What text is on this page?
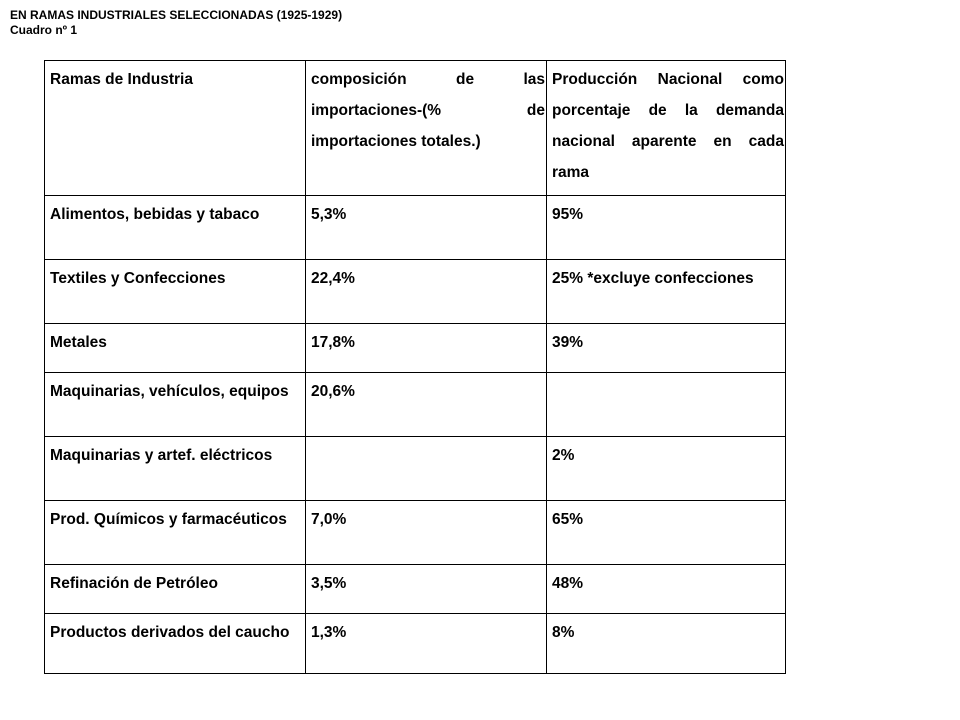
EN RAMAS INDUSTRIALES SELECCIONADAS (1925-1929)
Cuadro nº 1
Ramas de Industria	composición de las importaciones-(% de importaciones totales.)	Producción Nacional como porcentaje de la demanda nacional aparente en cada rama
Alimentos, bebidas y tabaco	5,3%	95%
Textiles y Confecciones	22,4%	25% *excluye confecciones
Metales	17,8%	39%
Maquinarias, vehículos, equipos	20,6%	
Maquinarias y artef. eléctricos		2%
Prod. Químicos y farmacéuticos	7,0%	65%
Refinación de Petróleo	3,5%	48%
Productos derivados del caucho	1,3%	8%
